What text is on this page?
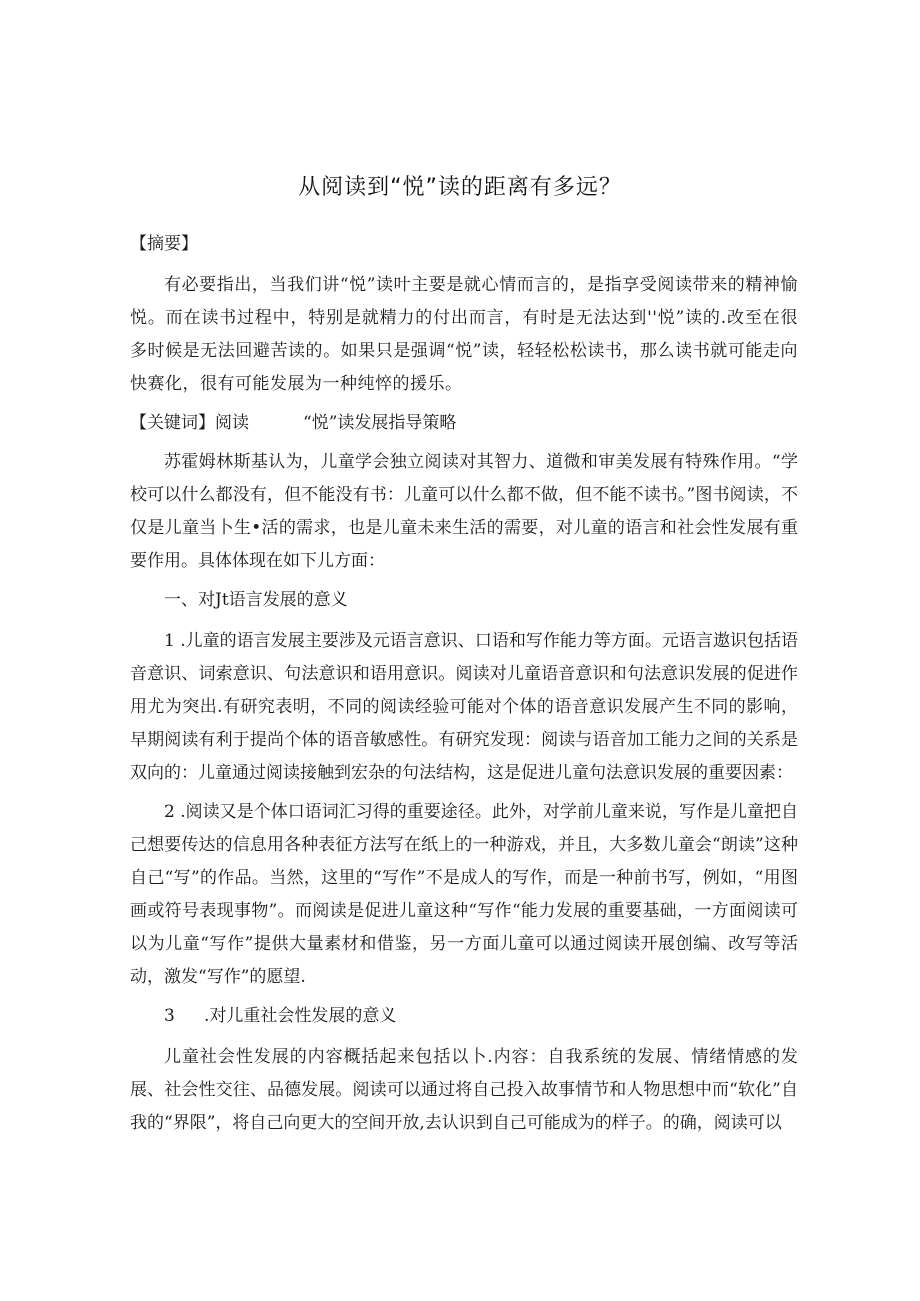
从阅读到“悦”读的距离有多远？

【摘要】

有必要指出，当我们讲“悦”读叶主要是就心情而言的，是指享受阅读带来的精神愉悦。而在读书过程中，特别是就精力的付出而言，有时是无法达到''悦”读的.改至在很多时候是无法回避苦读的。如果只是强调“悦”读，轻轻松松读书，那么读书就可能走向快赛化，很有可能发展为一种纯悴的援乐。

【关键词】阅读	“悦”读发展指导策略

苏霍姆林斯基认为，儿童学会独立阅读对其智力、道微和审美发展有特殊作用。“学校可以什么都没有，但不能没有书：儿童可以什么都不做，但不能不读书。”图书阅读，不仅是儿童当卜生•活的需求，也是儿童未来生活的需要，对儿童的语言和社会性发展有重要作用。具体体现在如下儿方面：

一、对Jt语言发展的意义

1 .儿童的语言发展主要涉及元语言意识、口语和写作能力等方面。元语言遨识包括语音意识、词索意识、句法意识和语用意识。阅读对儿童语音意识和句法意识发展的促进作用尤为突出.有研究表明，不同的阅读经验可能对个体的语音意识发展产生不同的影响，早期阅读有利于提尚个体的语音敏感性。有研究发现：阅读与语音加工能力之间的关系是双向的：儿童通过阅读接触到宏杂的句法结构，这是促进儿童句法意识发展的重要因素：

2 .阅读又是个体口语词汇习得的重要途径。此外，对学前儿童来说，写作是儿童把自己想要传达的信息用各种表征方法写在纸上的一种游戏，并且，大多数儿童会“朗读”这种自己“写”的作品。当然，这里的“写作”不是成人的写作，而是一种前书写，例如，“用图画或符号表现事物”。而阅读是促进儿童这种“写作“能力发展的重要基础，一方面阅读可以为儿童“写作”提供大量素材和借鉴，另一方面儿童可以通过阅读开展创编、改写等活动，激发“写作”的愿望.

3 .对儿重社会性发展的意义

儿童社会性发展的内容概括起来包括以卜.内容：自我系统的发展、情绪情感的发展、社会性交往、品德发展。阅读可以通过将自己投入故事情节和人物思想中而“软化”自我的“界限”，将自己向更大的空间开放,去认识到自己可能成为的样子。的确，阅读可以
